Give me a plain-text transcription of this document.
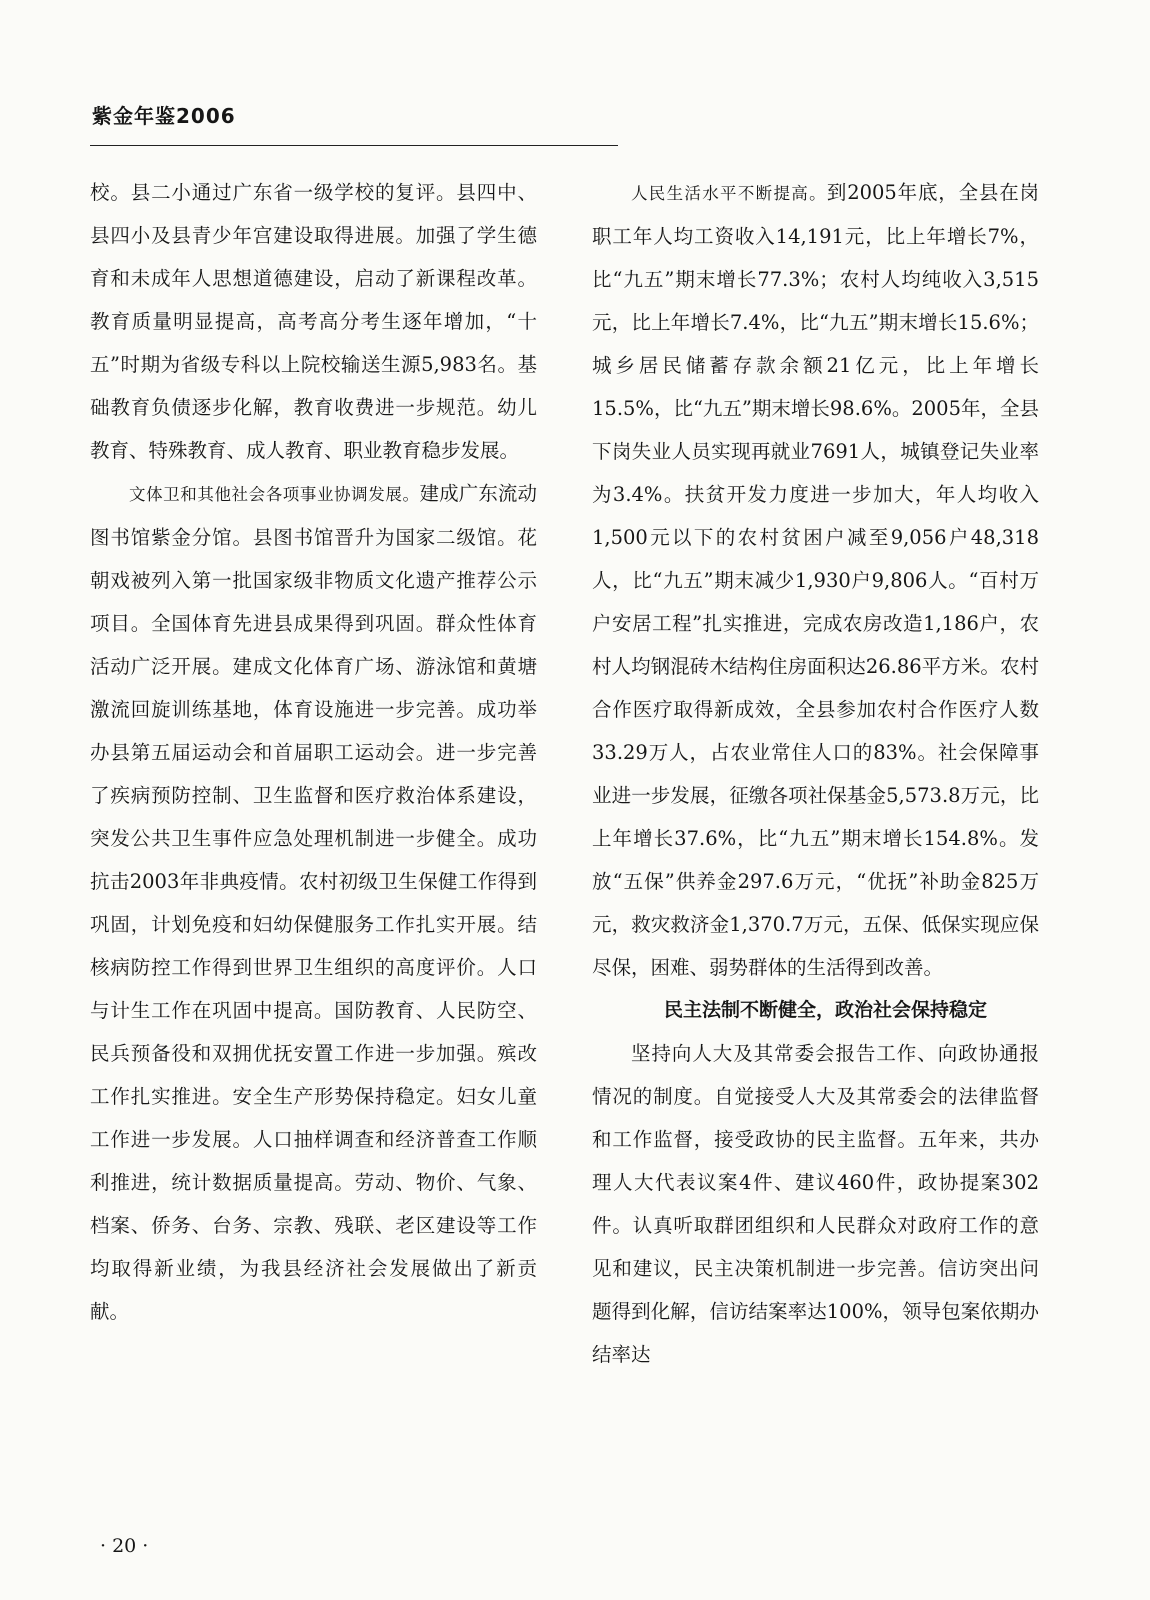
紫金年鉴2006

校。县二小通过广东省一级学校的复评。县四中、县四小及县青少年宫建设取得进展。加强了学生德育和未成年人思想道德建设，启动了新课程改革。教育质量明显提高，高考高分考生逐年增加，“十五”时期为省级专科以上院校输送生源5,983名。基础教育负债逐步化解，教育收费进一步规范。幼儿教育、特殊教育、成人教育、职业教育稳步发展。

文体卫和其他社会各项事业协调发展。建成广东流动图书馆紫金分馆。县图书馆晋升为国家二级馆。花朝戏被列入第一批国家级非物质文化遗产推荐公示项目。全国体育先进县成果得到巩固。群众性体育活动广泛开展。建成文化体育广场、游泳馆和黄塘激流回旋训练基地，体育设施进一步完善。成功举办县第五届运动会和首届职工运动会。进一步完善了疾病预防控制、卫生监督和医疗救治体系建设，突发公共卫生事件应急处理机制进一步健全。成功抗击2003年非典疫情。农村初级卫生保健工作得到巩固，计划免疫和妇幼保健服务工作扎实开展。结核病防控工作得到世界卫生组织的高度评价。人口与计生工作在巩固中提高。国防教育、人民防空、民兵预备役和双拥优抚安置工作进一步加强。殡改工作扎实推进。安全生产形势保持稳定。妇女儿童工作进一步发展。人口抽样调查和经济普查工作顺利推进，统计数据质量提高。劳动、物价、气象、档案、侨务、台务、宗教、残联、老区建设等工作均取得新业绩，为我县经济社会发展做出了新贡献。

人民生活水平不断提高。到2005年底，全县在岗职工年人均工资收入14,191元，比上年增长7%，比“九五”期末增长77.3%；农村人均纯收入3,515元，比上年增长7.4%，比“九五”期末增长15.6%；城乡居民储蓄存款余额21亿元，比上年增长15.5%，比“九五”期末增长98.6%。2005年，全县下岗失业人员实现再就业7691人，城镇登记失业率为3.4%。扶贫开发力度进一步加大，年人均收入1,500元以下的农村贫困户减至9,056户48,318人，比“九五”期末减少1,930户9,806人。“百村万户安居工程”扎实推进，完成农房改造1,186户，农村人均钢混砖木结构住房面积达26.86平方米。农村合作医疗取得新成效，全县参加农村合作医疗人数33.29万人，占农业常住人口的83%。社会保障事业进一步发展，征缴各项社保基金5,573.8万元，比上年增长37.6%，比“九五”期末增长154.8%。发放“五保”供养金297.6万元，“优抚”补助金825万元，救灾救济金1,370.7万元，五保、低保实现应保尽保，困难、弱势群体的生活得到改善。

民主法制不断健全，政治社会保持稳定

坚持向人大及其常委会报告工作、向政协通报情况的制度。自觉接受人大及其常委会的法律监督和工作监督，接受政协的民主监督。五年来，共办理人大代表议案4件、建议460件，政协提案302件。认真听取群团组织和人民群众对政府工作的意见和建议，民主决策机制进一步完善。信访突出问题得到化解，信访结案率达100%，领导包案依期办结率达

· 20 ·
